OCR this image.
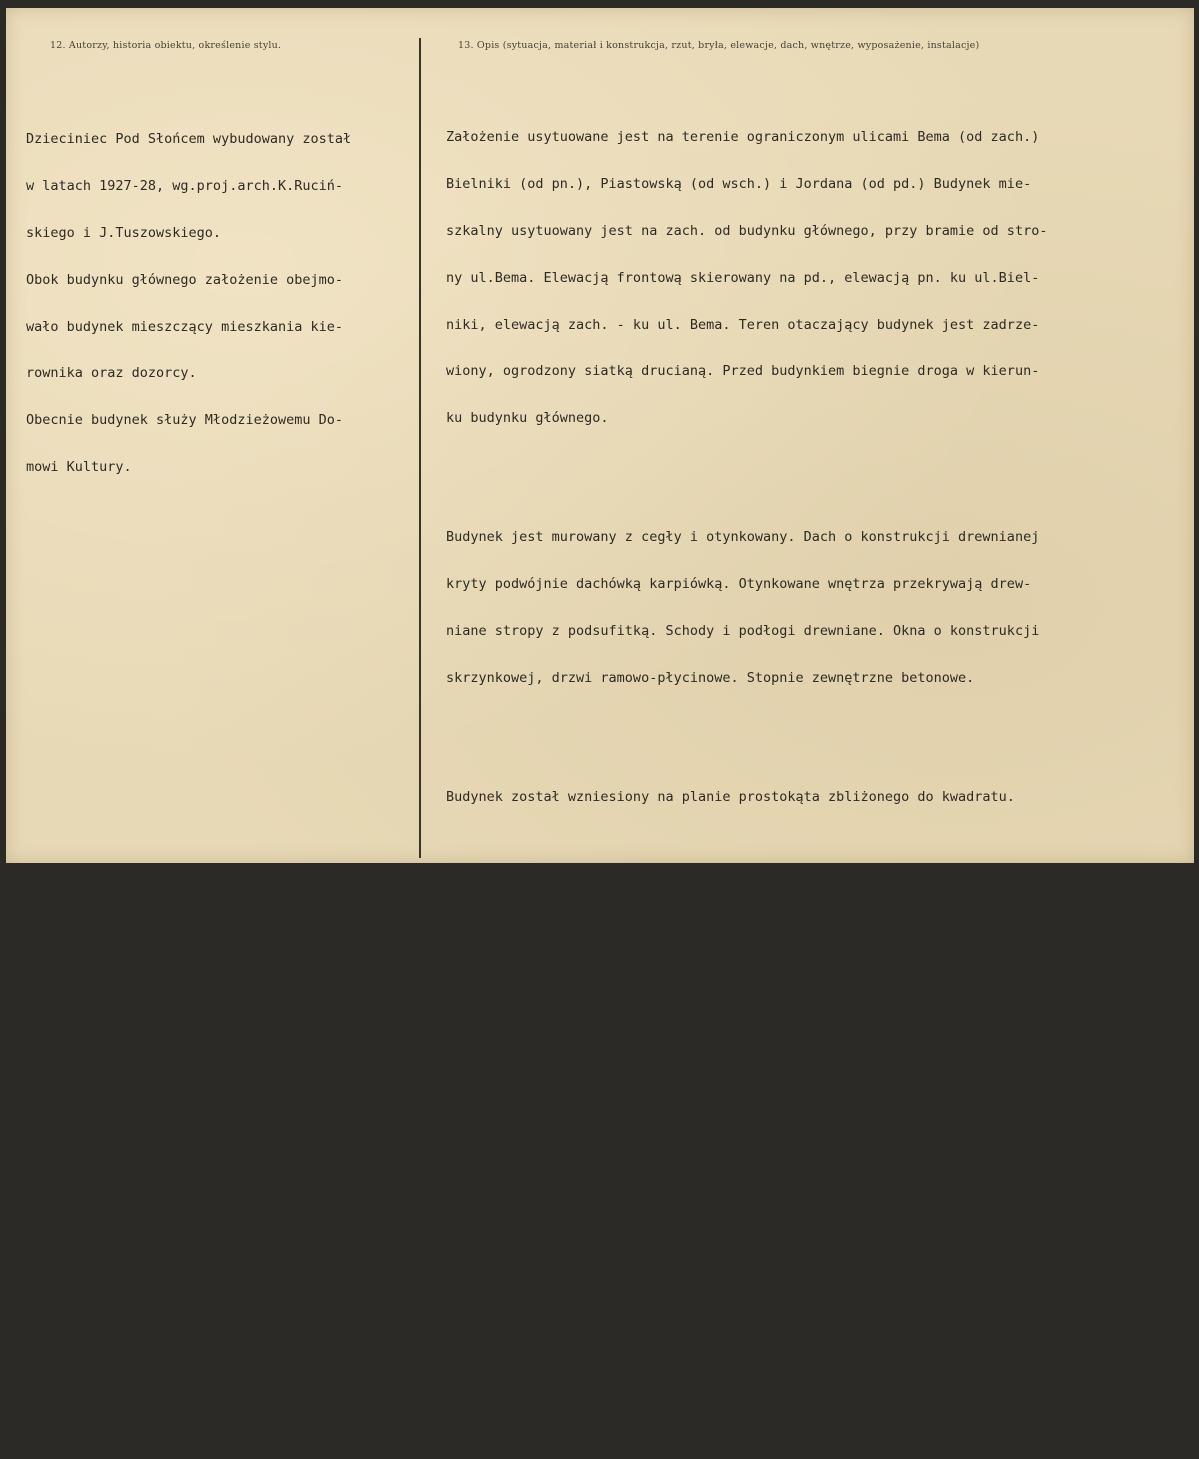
12. Autorzy, historia obiektu, określenie stylu.	13. Opis (sytuacja, materiał i konstrukcja, rzut, bryła, elewacje, dach, wnętrze, wyposażenie, instalacje)

Dzieciniec Pod Słońcem wybudowany został

w latach 1927-28, wg.proj.arch.K.Ruciń-

skiego i J.Tuszowskiego.

Obok budynku głównego założenie obejmo-

wało budynek mieszczący mieszkania kie-

rownika oraz dozorcy.

Obecnie budynek służy Młodzieżowemu Do-

mowi Kultury.

Założenie usytuowane jest na terenie ograniczonym ulicami Bema (od zach.)

Bielniki (od pn.), Piastowską (od wsch.) i Jordana (od pd.) Budynek mie-

szkalny usytuowany jest na zach. od budynku głównego, przy bramie od stro-

ny ul.Bema. Elewacją frontową skierowany na pd., elewacją pn. ku ul.Biel-

niki, elewacją zach. - ku ul. Bema. Teren otaczający budynek jest zadrze-

wiony, ogrodzony siatką drucianą. Przed budynkiem biegnie droga w kierun-

ku budynku głównego.

Budynek jest murowany z cegły i otynkowany. Dach o konstrukcji drewnianej

kryty podwójnie dachówką karpiówką. Otynkowane wnętrza przekrywają drew-

niane stropy z podsufitką. Schody i podłogi drewniane. Okna o konstrukcji

skrzynkowej, drzwi ramowo-płycinowe. Stopnie zewnętrzne betonowe.

Budynek został wzniesiony na planie prostokąta zbliżonego do kwadratu.

Budynek jest podpiwniczony, jednokondygnacjowy, z użytkowym poddaszem,

kryty dachem łamanym, czterospadowym, z oknami powiekowymi.

Elewacja frontowa budynku 1-kondygnacjowa, 3-osiowa, o prostokątnych

oknach i prostokątnym wejściem na osi, ujętym dwoma kolumienkami.

Elewacja pn. 3-osiowa, z prostokątnym wejściem na osi i prostokątnymi

oknami.

Budynek wyposażony jest w instalację wod.-kan., elektryczną, gazową,

telefoniczną, odgromową i ogrzewczą (piece).
